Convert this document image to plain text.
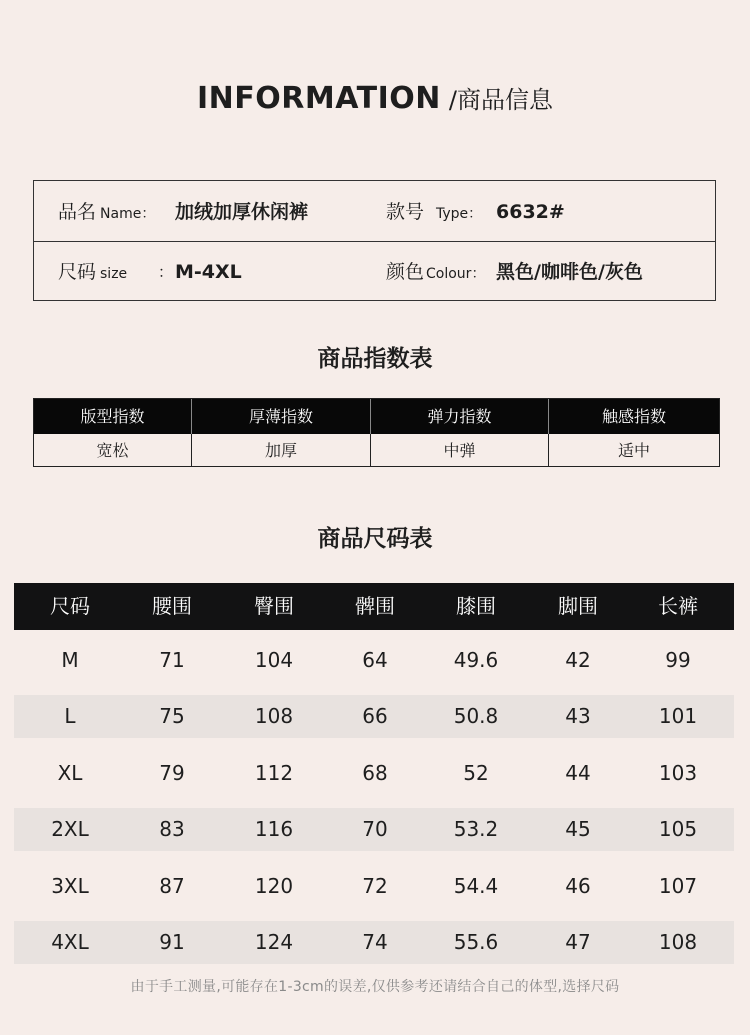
INFORMATION /商品信息
品名 Name： 加绒加厚休闲裤	款号 Type： 6632#
尺码 size ： M-4XL	颜色 Colour： 黑色/咖啡色/灰色
商品指数表
版型指数	厚薄指数	弹力指数	触感指数
宽松	加厚	中弹	适中
商品尺码表
尺码	腰围	臀围	髀围	膝围	脚围	长裤
M	71	104	64	49.6	42	99
L	75	108	66	50.8	43	101
XL	79	112	68	52	44	103
2XL	83	116	70	53.2	45	105
3XL	87	120	72	54.4	46	107
4XL	91	124	74	55.6	47	108
由于手工测量,可能存在1-3cm的误差,仅供参考还请结合自己的体型,选择尺码
